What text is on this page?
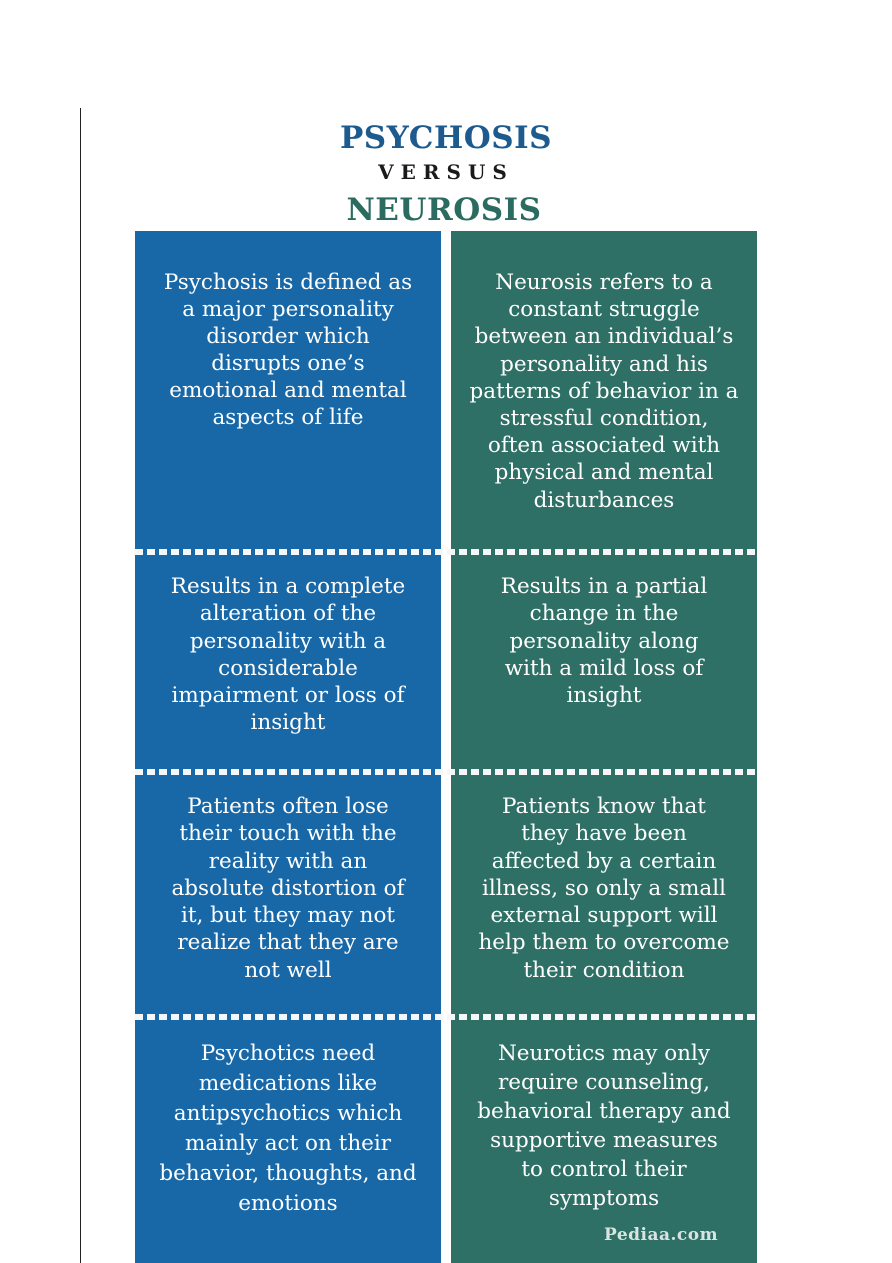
PSYCHOSIS
VERSUS
NEUROSIS
Psychosis is defined as
a major personality
disorder which
disrupts one’s
emotional and mental
aspects of life
Neurosis refers to a
constant struggle
between an individual’s
personality and his
patterns of behavior in a
stressful condition,
often associated with
physical and mental
disturbances
Results in a complete
alteration of the
personality with a
considerable
impairment or loss of
insight
Results in a partial
change in the
personality along
with a mild loss of
insight
Patients often lose
their touch with the
reality with an
absolute distortion of
it, but they may not
realize that they are
not well
Patients know that
they have been
affected by a certain
illness, so only a small
external support will
help them to overcome
their condition
Psychotics need
medications like
antipsychotics which
mainly act on their
behavior, thoughts, and
emotions
Neurotics may only
require counseling,
behavioral therapy and
supportive measures
to control their
symptoms
Pediaa.com
